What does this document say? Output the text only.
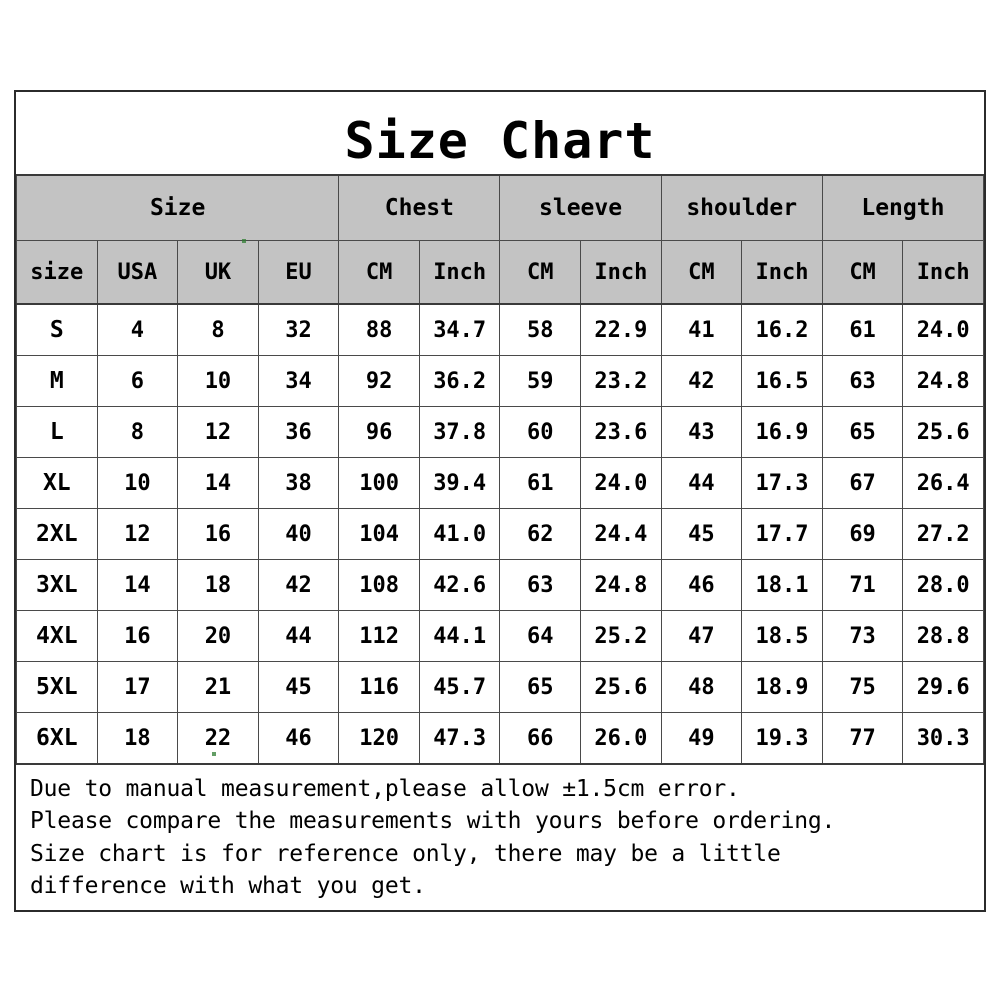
Size Chart
Size				Chest		sleeve		shoulder		Length	
size	USA	UK	EU	CM	Inch	CM	Inch	CM	Inch	CM	Inch
S	4	8	32	88	34.7	58	22.9	41	16.2	61	24.0
M	6	10	34	92	36.2	59	23.2	42	16.5	63	24.8
L	8	12	36	96	37.8	60	23.6	43	16.9	65	25.6
XL	10	14	38	100	39.4	61	24.0	44	17.3	67	26.4
2XL	12	16	40	104	41.0	62	24.4	45	17.7	69	27.2
3XL	14	18	42	108	42.6	63	24.8	46	18.1	71	28.0
4XL	16	20	44	112	44.1	64	25.2	47	18.5	73	28.8
5XL	17	21	45	116	45.7	65	25.6	48	18.9	75	29.6
6XL	18	22	46	120	47.3	66	26.0	49	19.3	77	30.3

Due to manual measurement,please allow ±1.5cm error.

Please compare the measurements with yours before ordering.

Size chart is for reference only, there may be a little

difference with what you get.
